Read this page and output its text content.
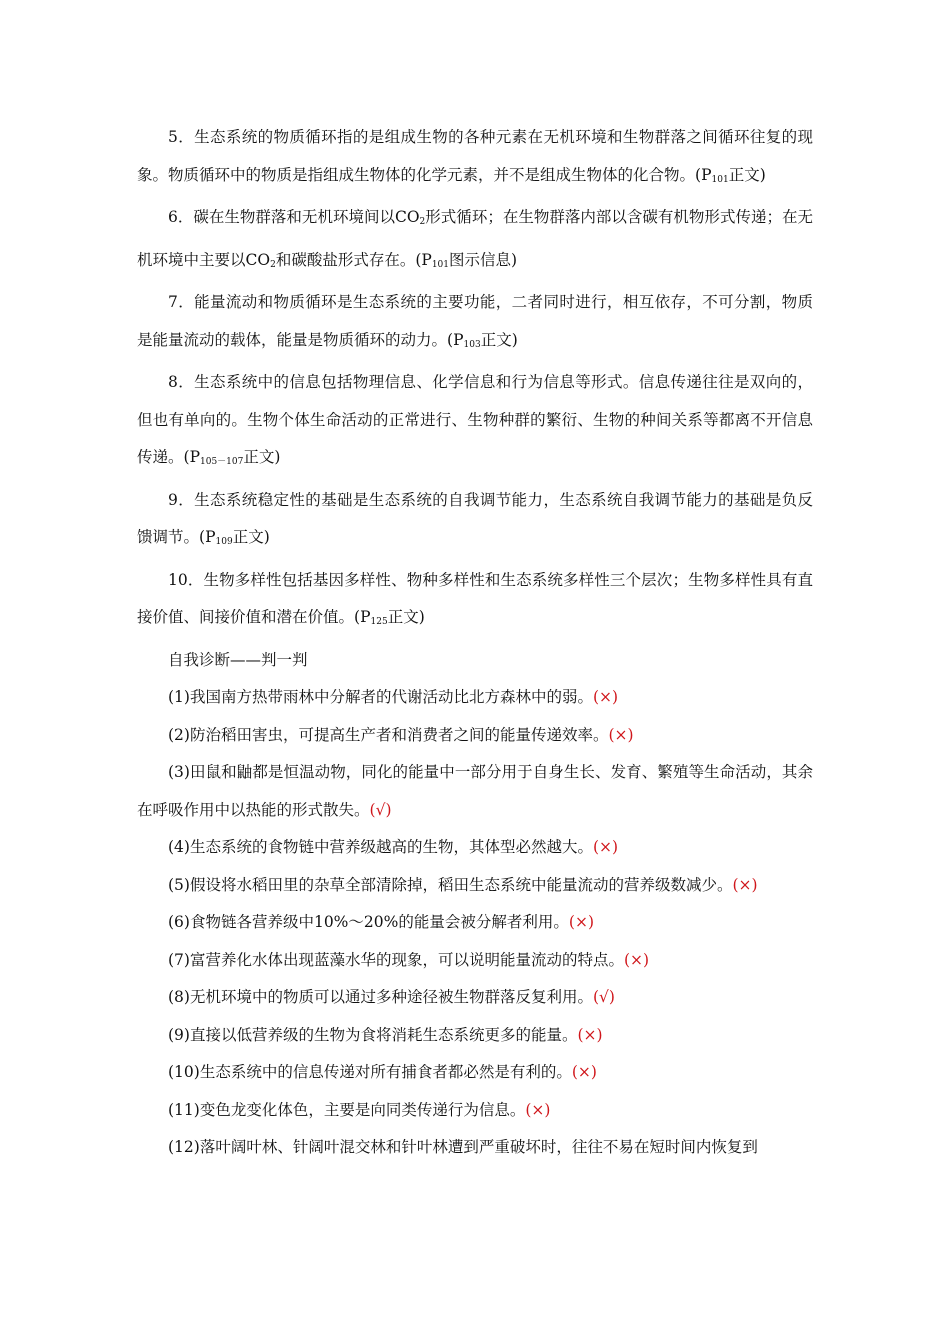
5．生态系统的物质循环指的是组成生物的各种元素在无机环境和生物群落之间循环往复的现象。物质循环中的物质是指组成生物体的化学元素，并不是组成生物体的化合物。($P_{101}$正文)

6．碳在生物群落和无机环境间以$CO_2$形式循环；在生物群落内部以含碳有机物形式传递；在无机环境中主要以$CO_2$和碳酸盐形式存在。($P_{101}$图示信息)

7．能量流动和物质循环是生态系统的主要功能，二者同时进行，相互依存，不可分割，物质是能量流动的载体，能量是物质循环的动力。($P_{103}$正文)

8．生态系统中的信息包括物理信息、化学信息和行为信息等形式。信息传递往往是双向的，但也有单向的。生物个体生命活动的正常进行、生物种群的繁衍、生物的种间关系等都离不开信息传递。($P_{105-107}$正文)

9．生态系统稳定性的基础是生态系统的自我调节能力，生态系统自我调节能力的基础是负反馈调节。($P_{109}$正文)

10．生物多样性包括基因多样性、物种多样性和生态系统多样性三个层次；生物多样性具有直接价值、间接价值和潜在价值。($P_{125}$正文)

自我诊断——判一判

(1)我国南方热带雨林中分解者的代谢活动比北方森林中的弱。(×)

(2)防治稻田害虫，可提高生产者和消费者之间的能量传递效率。(×)

(3)田鼠和鼬都是恒温动物，同化的能量中一部分用于自身生长、发育、繁殖等生命活动，其余在呼吸作用中以热能的形式散失。(√)

(4)生态系统的食物链中营养级越高的生物，其体型必然越大。(×)

(5)假设将水稻田里的杂草全部清除掉，稻田生态系统中能量流动的营养级数减少。(×)

(6)食物链各营养级中10%～20%的能量会被分解者利用。(×)

(7)富营养化水体出现蓝藻水华的现象，可以说明能量流动的特点。(×)

(8)无机环境中的物质可以通过多种途径被生物群落反复利用。(√)

(9)直接以低营养级的生物为食将消耗生态系统更多的能量。(×)

(10)生态系统中的信息传递对所有捕食者都必然是有利的。(×)

(11)变色龙变化体色，主要是向同类传递行为信息。(×)

(12)落叶阔叶林、针阔叶混交林和针叶林遭到严重破坏时，往往不易在短时间内恢复到
